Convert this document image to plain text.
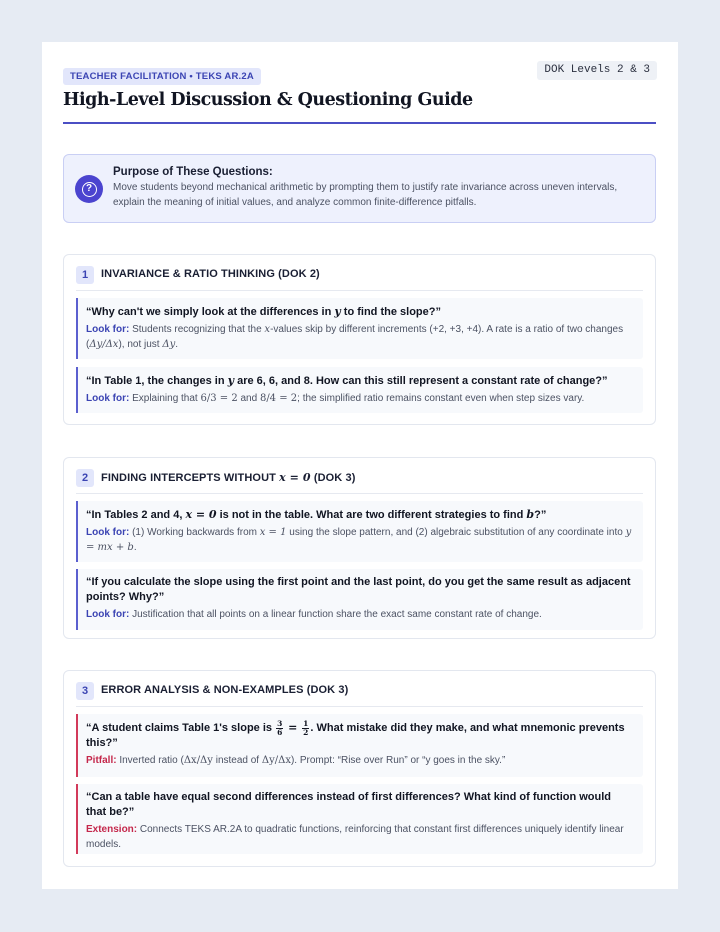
TEACHER FACILITATION • TEKS AR.2A
DOK Levels 2 & 3
High-Level Discussion & Questioning Guide
?
Purpose of These Questions:
Move students beyond mechanical arithmetic by prompting them to justify rate invariance across uneven intervals, explain the meaning of initial values, and analyze common finite-difference pitfalls.
1	INVARIANCE & RATIO THINKING (DOK 2)
“Why can't we simply look at the differences in y to find the slope?”
Look for: Students recognizing that the x-values skip by different increments (+2, +3, +4). A rate is a ratio of two changes (Δy/Δx), not just Δy.
“In Table 1, the changes in y are 6, 6, and 8. How can this still represent a constant rate of change?”
Look for: Explaining that 6/3 = 2 and 8/4 = 2; the simplified ratio remains constant even when step sizes vary.
2	FINDING INTERCEPTS WITHOUT x = 0 (DOK 3)
“In Tables 2 and 4, x = 0 is not in the table. What are two different strategies to find b?”
Look for: (1) Working backwards from x = 1 using the slope pattern, and (2) algebraic substitution of any coordinate into y = mx + b.
“If you calculate the slope using the first point and the last point, do you get the same result as adjacent points? Why?”
Look for: Justification that all points on a linear function share the exact same constant rate of change.
3	ERROR ANALYSIS & NON-EXAMPLES (DOK 3)
“A student claims Table 1's slope is $\frac{3}{6} = \frac{1}{2}$ . What mistake did they make, and what mnemonic prevents this?”
Pitfall: Inverted ratio (Δx/Δy instead of Δy/Δx). Prompt: “Rise over Run” or “y goes in the sky.”
“Can a table have equal second differences instead of first differences? What kind of function would that be?”
Extension: Connects TEKS AR.2A to quadratic functions, reinforcing that constant first differences uniquely identify linear models.
